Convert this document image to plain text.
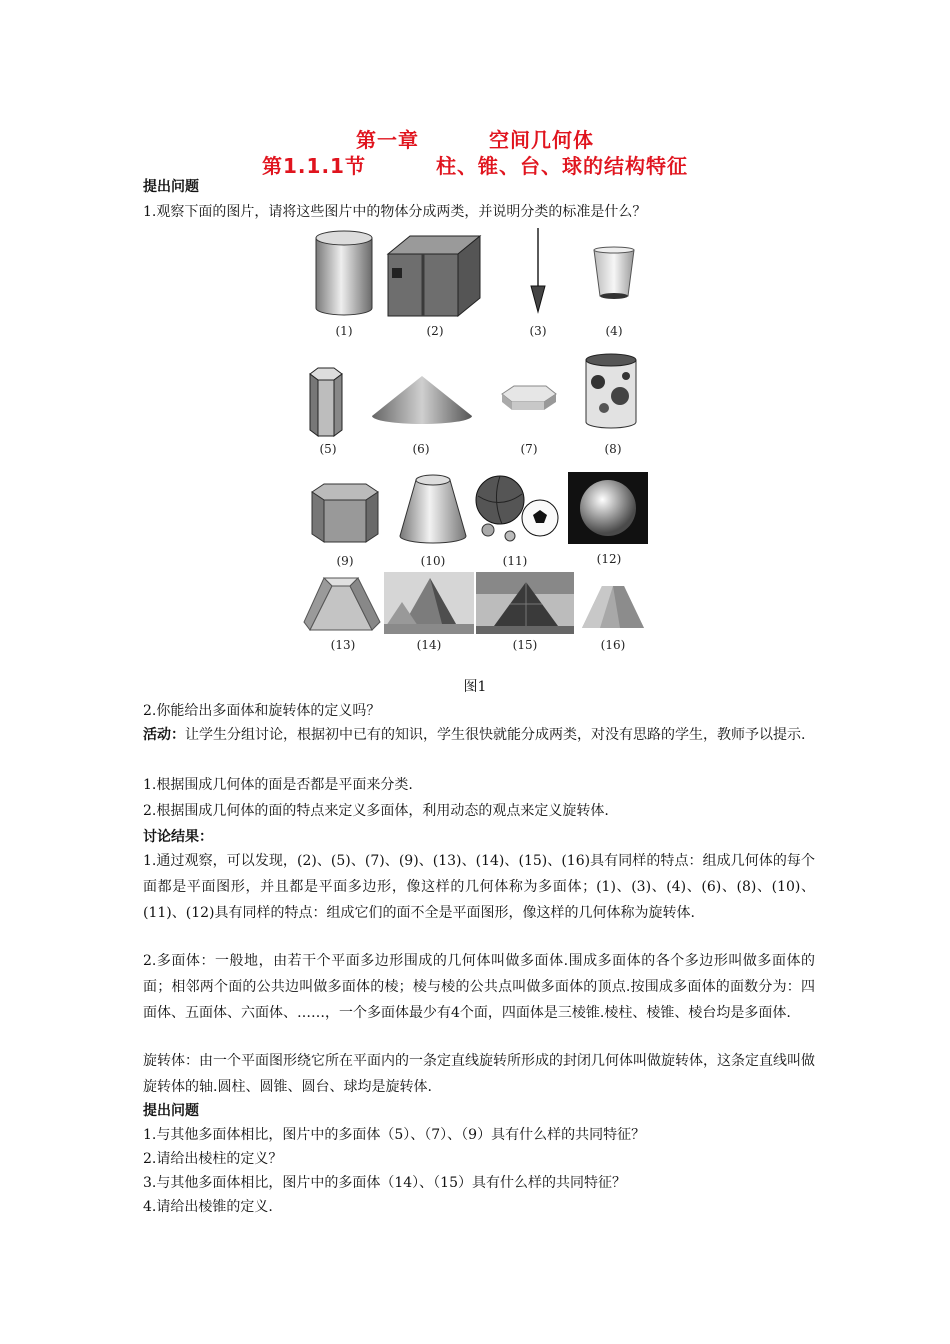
第一章	空间几何体
第1.1.1节	柱、锥、台、球的结构特征
提出问题
1.观察下面的图片，请将这些图片中的物体分成两类，并说明分类的标准是什么？
(1)	(2)	(3)	(4)
(5)	(6)	(7)	(8)
(9)	(10)	(11)	(12)
(13)	(14)	(15)	(16)
图1
2.你能给出多面体和旋转体的定义吗？
活动：让学生分组讨论，根据初中已有的知识，学生很快就能分成两类，对没有思路的学生，教师予以提示.
1.根据围成几何体的面是否都是平面来分类.
2.根据围成几何体的面的特点来定义多面体，利用动态的观点来定义旋转体.
讨论结果：
1.通过观察，可以发现，(2)、(5)、(7)、(9)、(13)、(14)、(15)、(16)具有同样的特点：组成几何体的每个面都是平面图形，并且都是平面多边形，像这样的几何体称为多面体；(1)、(3)、(4)、(6)、(8)、(10)、(11)、(12)具有同样的特点：组成它们的面不全是平面图形，像这样的几何体称为旋转体.
2.多面体：一般地，由若干个平面多边形围成的几何体叫做多面体.围成多面体的各个多边形叫做多面体的面；相邻两个面的公共边叫做多面体的棱；棱与棱的公共点叫做多面体的顶点.按围成多面体的面数分为：四面体、五面体、六面体、……，一个多面体最少有4个面，四面体是三棱锥.棱柱、棱锥、棱台均是多面体.
旋转体：由一个平面图形绕它所在平面内的一条定直线旋转所形成的封闭几何体叫做旋转体，这条定直线叫做旋转体的轴.圆柱、圆锥、圆台、球均是旋转体.
提出问题
1.与其他多面体相比，图片中的多面体（5）、（7）、（9）具有什么样的共同特征？
2.请给出棱柱的定义？
3.与其他多面体相比，图片中的多面体（14）、（15）具有什么样的共同特征？
4.请给出棱锥的定义.
